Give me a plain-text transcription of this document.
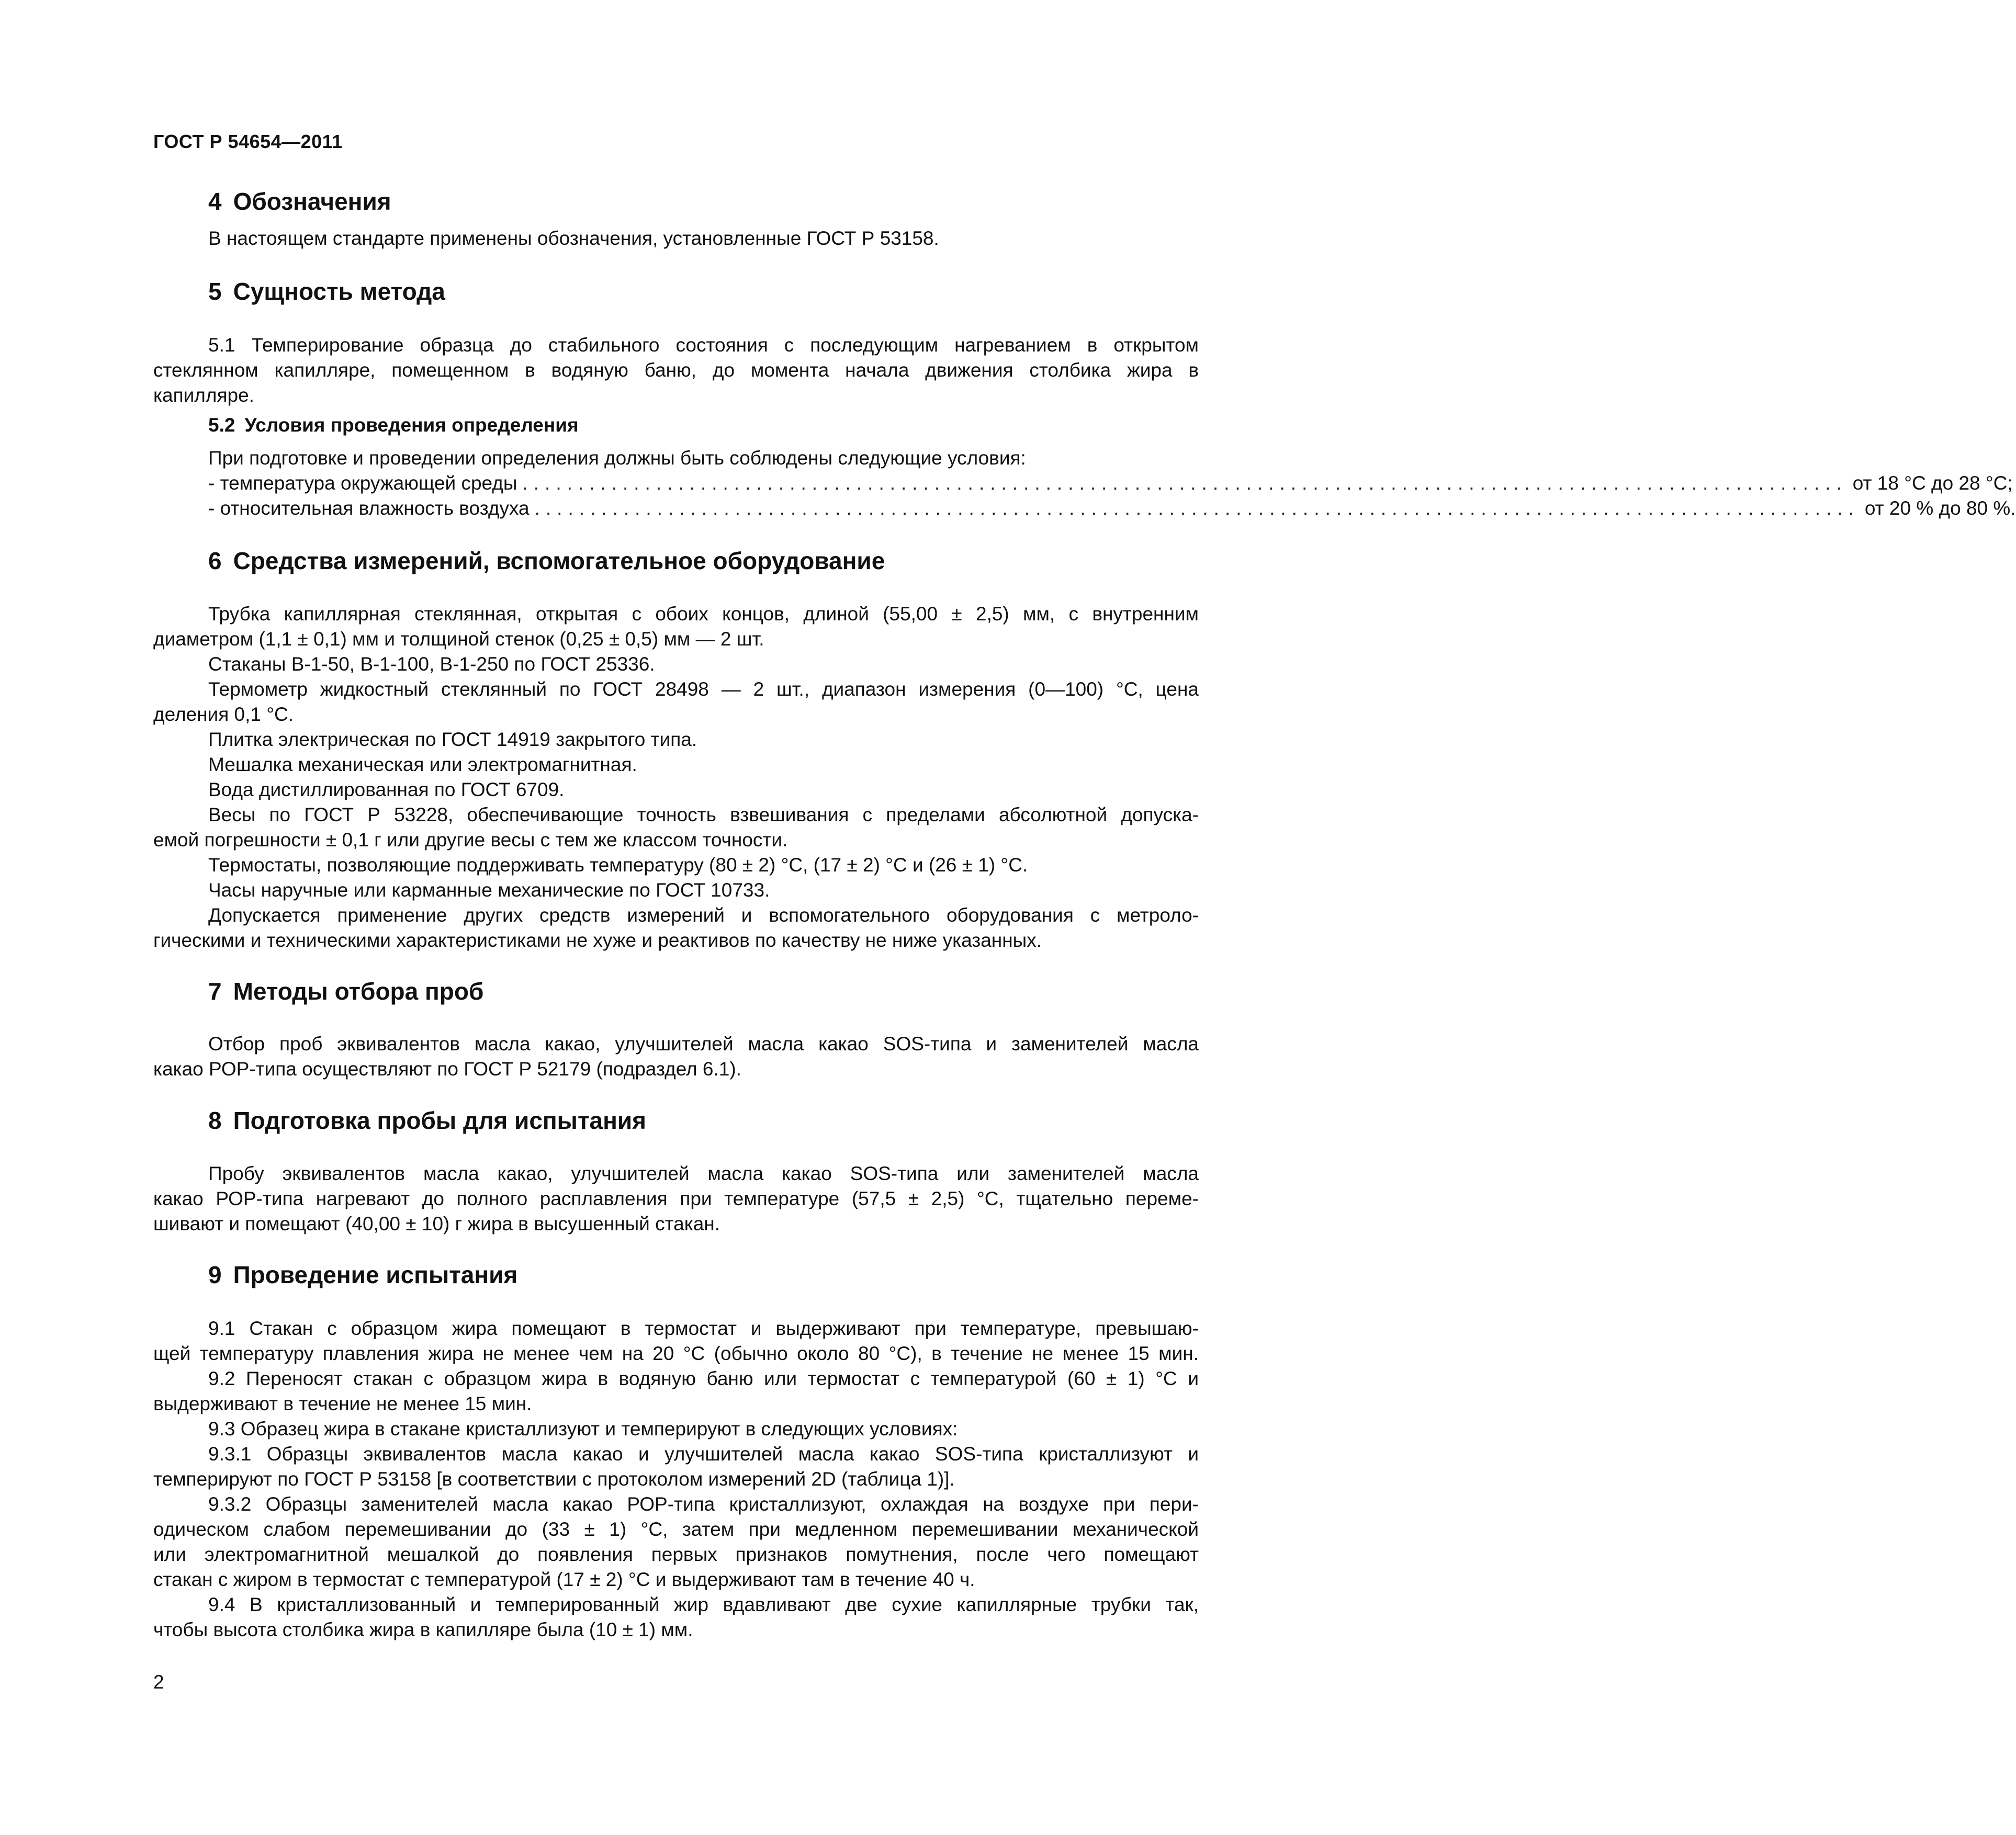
ГОСТ Р 54654—2011
4 Обозначения
В настоящем стандарте применены обозначения, установленные ГОСТ Р 53158.
5 Сущность метода
5.1 Темперирование образца до стабильного состояния с последующим нагреванием в открытом
стеклянном капилляре, помещенном в водяную баню, до момента начала движения столбика жира в
капилляре.
5.2 Условия проведения определения
При подготовке и проведении определения должны быть соблюдены следующие условия:
- температура окружающей среды ....................................................................................................................... от 18 °С до 28 °С;
- относительная влажность воздуха ....................................................................................................................... от 20 % до 80 %.
6 Средства измерений, вспомогательное оборудование
Трубка капиллярная стеклянная, открытая с обоих концов, длиной (55,00 ± 2,5) мм, с внутренним
диаметром (1,1 ± 0,1) мм и толщиной стенок (0,25 ± 0,5) мм — 2 шт.
Стаканы В-1-50, В-1-100, В-1-250 по ГОСТ 25336.
Термометр жидкостный стеклянный по ГОСТ 28498 — 2 шт., диапазон измерения (0—100) °С, цена
деления 0,1 °С.
Плитка электрическая по ГОСТ 14919 закрытого типа.
Мешалка механическая или электромагнитная.
Вода дистиллированная по ГОСТ 6709.
Весы по ГОСТ Р 53228, обеспечивающие точность взвешивания с пределами абсолютной допуска-
емой погрешности ± 0,1 г или другие весы с тем же классом точности.
Термостаты, позволяющие поддерживать температуру (80 ± 2) °С, (17 ± 2) °С и (26 ± 1) °С.
Часы наручные или карманные механические по ГОСТ 10733.
Допускается применение других средств измерений и вспомогательного оборудования с метроло-
гическими и техническими характеристиками не хуже и реактивов по качеству не ниже указанных.
7 Методы отбора проб
Отбор проб эквивалентов масла какао, улучшителей масла какао SOS-типа и заменителей масла
какао РОР-типа осуществляют по ГОСТ Р 52179 (подраздел 6.1).
8 Подготовка пробы для испытания
Пробу эквивалентов масла какао, улучшителей масла какао SOS-типа или заменителей масла
какао РОР-типа нагревают до полного расплавления при температуре (57,5 ± 2,5) °С, тщательно переме-
шивают и помещают (40,00 ± 10) г жира в высушенный стакан.
9 Проведение испытания
9.1 Стакан с образцом жира помещают в термостат и выдерживают при температуре, превышаю-
щей температуру плавления жира не менее чем на 20 °С (обычно около 80 °С), в течение не менее 15 мин.
9.2 Переносят стакан с образцом жира в водяную баню или термостат с температурой (60 ± 1) °С и
выдерживают в течение не менее 15 мин.
9.3 Образец жира в стакане кристаллизуют и темперируют в следующих условиях:
9.3.1 Образцы эквивалентов масла какао и улучшителей масла какао SOS-типа кристаллизуют и
темперируют по ГОСТ Р 53158 [в соответствии с протоколом измерений 2D (таблица 1)].
9.3.2 Образцы заменителей масла какао РОР-типа кристаллизуют, охлаждая на воздухе при пери-
одическом слабом перемешивании до (33 ± 1) °С, затем при медленном перемешивании механической
или электромагнитной мешалкой до появления первых признаков помутнения, после чего помещают
стакан с жиром в термостат с температурой (17 ± 2) °С и выдерживают там в течение 40 ч.
9.4 В кристаллизованный и темперированный жир вдавливают две сухие капиллярные трубки так,
чтобы высота столбика жира в капилляре была (10 ± 1) мм.
2
